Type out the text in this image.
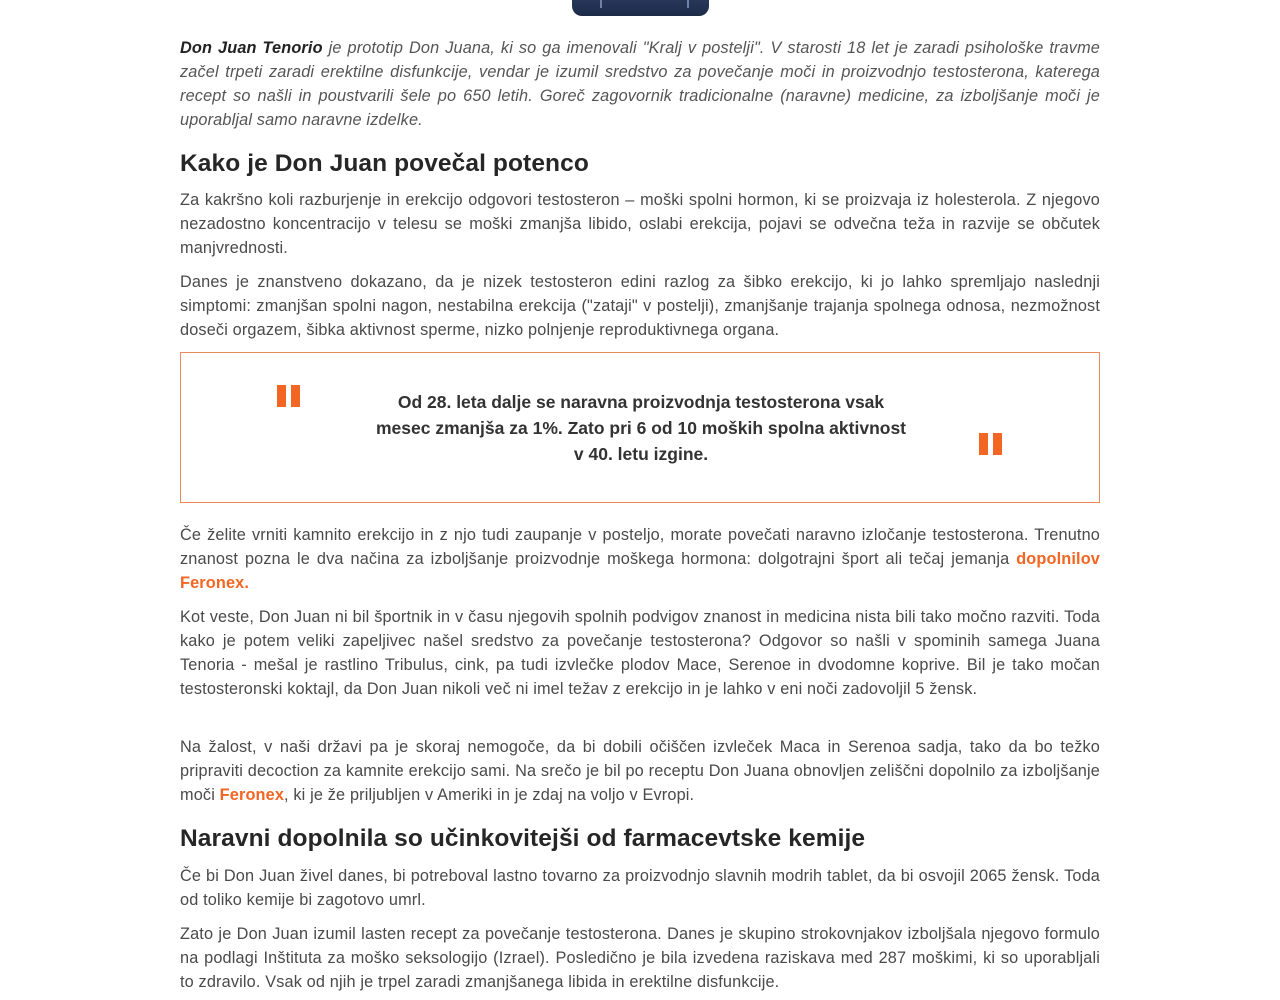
Don Juan Tenorio je prototip Don Juana, ki so ga imenovali "Kralj v postelji". V starosti 18 let je zaradi psihološke travme začel trpeti zaradi erektilne disfunkcije, vendar je izumil sredstvo za povečanje moči in proizvodnjo testosterona, katerega recept so našli in poustvarili šele po 650 letih. Goreč zagovornik tradicionalne (naravne) medicine, za izboljšanje moči je uporabljal samo naravne izdelke.

Kako je Don Juan povečal potenco

Za kakršno koli razburjenje in erekcijo odgovori testosteron – moški spolni hormon, ki se proizvaja iz holesterola. Z njegovo nezadostno koncentracijo v telesu se moški zmanjša libido, oslabi erekcija, pojavi se odvečna teža in razvije se občutek manjvrednosti.

Danes je znanstveno dokazano, da je nizek testosteron edini razlog za šibko erekcijo, ki jo lahko spremljajo naslednji simptomi: zmanjšan spolni nagon, nestabilna erekcija ("zataji" v postelji), zmanjšanje trajanja spolnega odnosa, nezmožnost doseči orgazem, šibka aktivnost sperme, nizko polnjenje reproduktivnega organa.

Od 28. leta dalje se naravna proizvodnja testosterona vsak mesec zmanjša za 1%. Zato pri 6 od 10 moških spolna aktivnost v 40. letu izgine.

Če želite vrniti kamnito erekcijo in z njo tudi zaupanje v posteljo, morate povečati naravno izločanje testosterona. Trenutno znanost pozna le dva načina za izboljšanje proizvodnje moškega hormona: dolgotrajni šport ali tečaj jemanja dopolnilov Feronex.

Kot veste, Don Juan ni bil športnik in v času njegovih spolnih podvigov znanost in medicina nista bili tako močno razviti. Toda kako je potem veliki zapeljivec našel sredstvo za povečanje testosterona? Odgovor so našli v spominih samega Juana Tenoria - mešal je rastlino Tribulus, cink, pa tudi izvlečke plodov Mace, Serenoe in dvodomne koprive. Bil je tako močan testosteronski koktajl, da Don Juan nikoli več ni imel težav z erekcijo in je lahko v eni noči zadovoljil 5 žensk.

Na žalost, v naši državi pa je skoraj nemogoče, da bi dobili očiščen izvleček Maca in Serenoa sadja, tako da bo težko pripraviti decoction za kamnite erekcijo sami. Na srečo je bil po receptu Don Juana obnovljen zeliščni dopolnilo za izboljšanje moči Feronex, ki je že priljubljen v Ameriki in je zdaj na voljo v Evropi.

Naravni dopolnila so učinkovitejši od farmacevtske kemije

Če bi Don Juan živel danes, bi potreboval lastno tovarno za proizvodnjo slavnih modrih tablet, da bi osvojil 2065 žensk. Toda od toliko kemije bi zagotovo umrl.

Zato je Don Juan izumil lasten recept za povečanje testosterona. Danes je skupino strokovnjakov izboljšala njegovo formulo na podlagi Inštituta za moško seksologijo (Izrael). Posledično je bila izvedena raziskava med 287 moškimi, ki so uporabljali to zdravilo. Vsak od njih je trpel zaradi zmanjšanega libida in erektilne disfunkcije.
